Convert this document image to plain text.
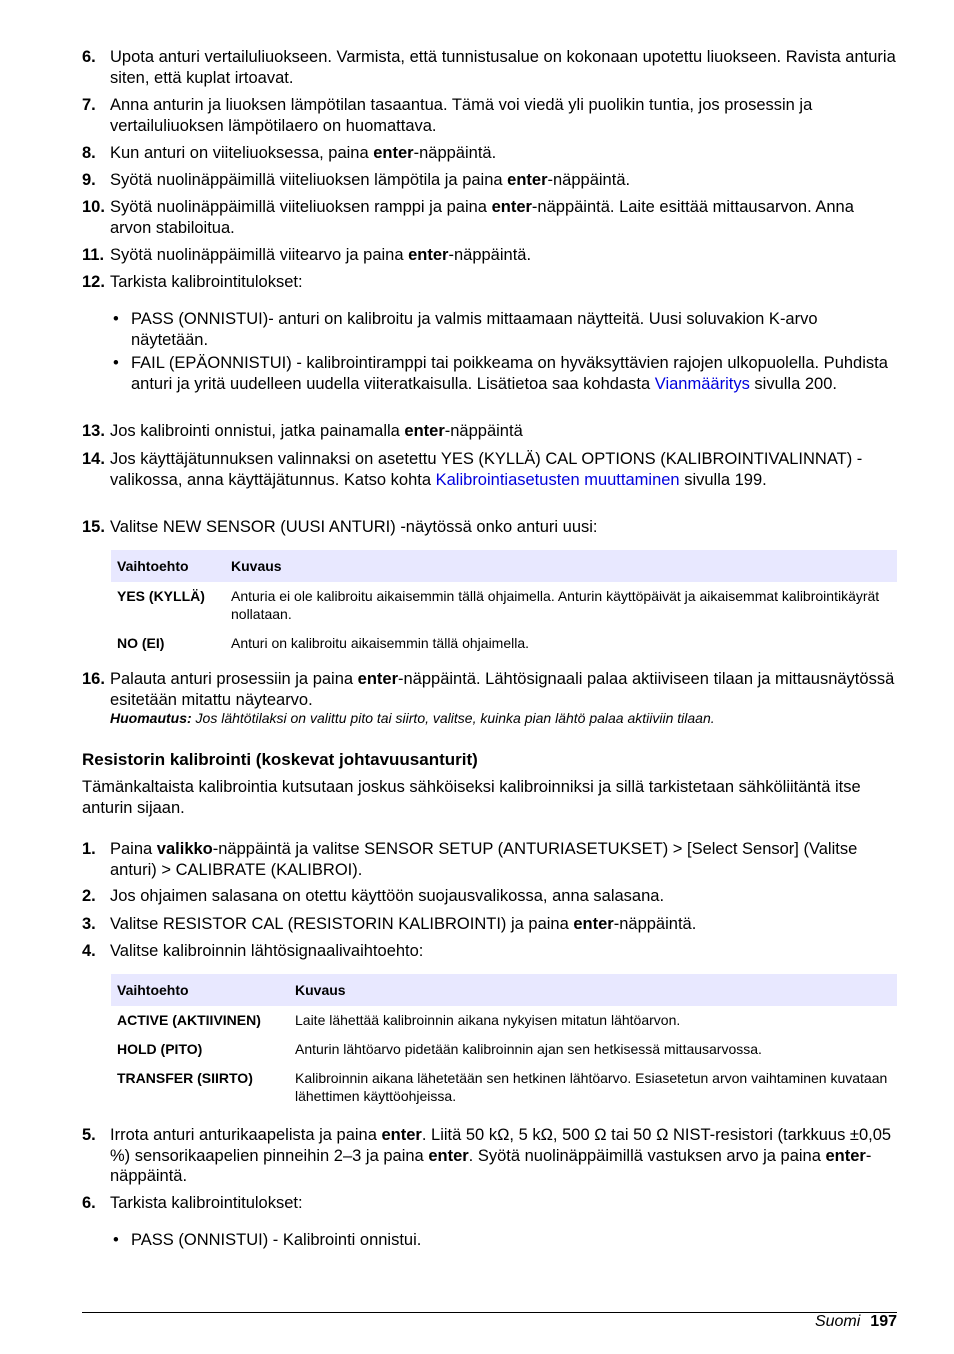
6. Upota anturi vertailuliuokseen. Varmista, että tunnistusalue on kokonaan upotettu liuokseen. Ravista anturia siten, että kuplat irtoavat.
7. Anna anturin ja liuoksen lämpötilan tasaantua. Tämä voi viedä yli puolikin tuntia, jos prosessin ja vertailuliuoksen lämpötilaero on huomattava.
8. Kun anturi on viiteliuoksessa, paina enter-näppäintä.
9. Syötä nuolinäppäimillä viiteliuoksen lämpötila ja paina enter-näppäintä.
10. Syötä nuolinäppäimillä viiteliuoksen ramppi ja paina enter-näppäintä. Laite esittää mittausarvon. Anna arvon stabiloitua.
11. Syötä nuolinäppäimillä viitearvo ja paina enter-näppäintä.
12. Tarkista kalibrointitulokset:
• PASS (ONNISTUI)- anturi on kalibroitu ja valmis mittaamaan näytteitä. Uusi soluvakion K-arvo näytetään.
• FAIL (EPÄONNISTUI) - kalibrointiramppi tai poikkeama on hyväksyttävien rajojen ulkopuolella. Puhdista anturi ja yritä uudelleen uudella viiteratkaisulla. Lisätietoa saa kohdasta Vianmääritys sivulla 200.
13. Jos kalibrointi onnistui, jatka painamalla enter-näppäintä
14. Jos käyttäjätunnuksen valinnaksi on asetettu YES (KYLLÄ) CAL OPTIONS (KALIBROINTIVALINNAT) -valikossa, anna käyttäjätunnus. Katso kohta Kalibrointiasetusten muuttaminen sivulla 199.
15. Valitse NEW SENSOR (UUSI ANTURI) -näytössä onko anturi uusi:
Vaihtoehto	Kuvaus
YES (KYLLÄ)	Anturia ei ole kalibroitu aikaisemmin tällä ohjaimella. Anturin käyttöpäivät ja aikaisemmat kalibrointikäyrät nollataan.
NO (EI)	Anturi on kalibroitu aikaisemmin tällä ohjaimella.
16. Palauta anturi prosessiin ja paina enter-näppäintä. Lähtösignaali palaa aktiiviseen tilaan ja mittausnäytössä esitetään mitattu näytearvo.
Huomautus: Jos lähtötilaksi on valittu pito tai siirto, valitse, kuinka pian lähtö palaa aktiiviin tilaan.
Resistorin kalibrointi (koskevat johtavuusanturit)
Tämänkaltaista kalibrointia kutsutaan joskus sähköiseksi kalibroinniksi ja sillä tarkistetaan sähköliitäntä itse anturin sijaan.
1. Paina valikko-näppäintä ja valitse SENSOR SETUP (ANTURIASETUKSET) > [Select Sensor] (Valitse anturi) > CALIBRATE (KALIBROI).
2. Jos ohjaimen salasana on otettu käyttöön suojausvalikossa, anna salasana.
3. Valitse RESISTOR CAL (RESISTORIN KALIBROINTI) ja paina enter-näppäintä.
4. Valitse kalibroinnin lähtösignaalivaihtoehto:
Vaihtoehto	Kuvaus
ACTIVE (AKTIIVINEN)	Laite lähettää kalibroinnin aikana nykyisen mitatun lähtöarvon.
HOLD (PITO)	Anturin lähtöarvo pidetään kalibroinnin ajan sen hetkisessä mittausarvossa.
TRANSFER (SIIRTO)	Kalibroinnin aikana lähetetään sen hetkinen lähtöarvo. Esiasetetun arvon vaihtaminen kuvataan lähettimen käyttöohjeissa.
5. Irrota anturi anturikaapelista ja paina enter. Liitä 50 kΩ, 5 kΩ, 500 Ω tai 50 Ω NIST-resistori (tarkkuus ±0,05 %) sensorikaapelien pinneihin 2–3 ja paina enter. Syötä nuolinäppäimillä vastuksen arvo ja paina enter-näppäintä.
6. Tarkista kalibrointitulokset:
• PASS (ONNISTUI) - Kalibrointi onnistui.
Suomi 197
